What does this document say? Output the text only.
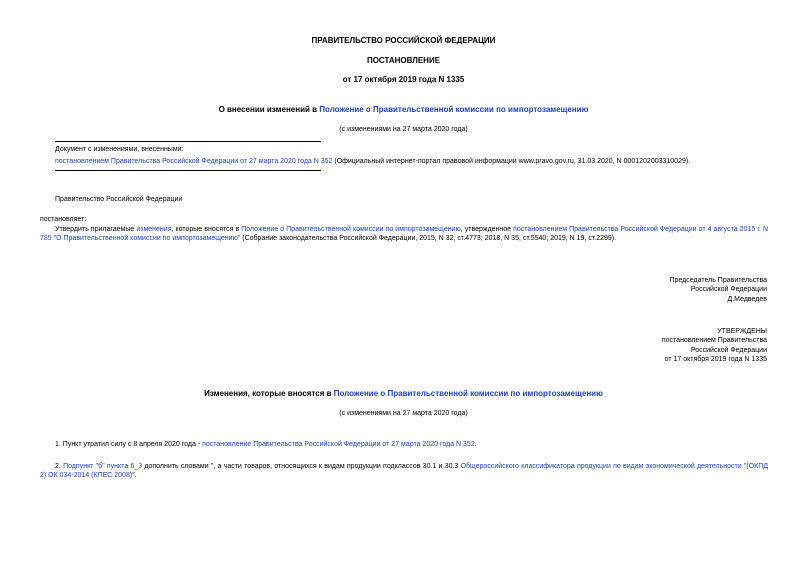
ПРАВИТЕЛЬСТВО РОССИЙСКОЙ ФЕДЕРАЦИИ
ПОСТАНОВЛЕНИЕ
от 17 октября 2019 года N 1335
О внесении изменений в Положение о Правительственной комиссии по импортозамещению
(с изменениями на 27 марта 2020 года)
Документ с изменениями, внесенными:
постановлением Правительства Российской Федерации от 27 марта 2020 года N 352 (Официальный интернет-портал правовой информации www.pravo.gov.ru, 31.03.2020, N 0001202003310029).
Правительство Российской Федерации
постановляет:
Утвердить прилагаемые изменения, которые вносятся в Положение о Правительственной комиссии по импортозамещению, утвержденное постановлением Правительства Российской Федерации от 4 августа 2015 г. N 785 "О Правительственной комиссии по импортозамещению" (Собрание законодательства Российской Федерации, 2015, N 32, ст.4773; 2018, N 35, ст.5540; 2019, N 19, ст.2299).
Председатель Правительства
Российской Федерации
Д.Медведев
УТВЕРЖДЕНЫ
постановлением Правительства
Российской Федерации
от 17 октября 2019 года N 1335
Изменения, которые вносятся в Положение о Правительственной комиссии по импортозамещению
(с изменениями на 27 марта 2020 года)
1. Пункт утратил силу с 8 апреля 2020 года - постановление Правительства Российской Федерации от 27 марта 2020 года N 352.
2. Подпункт "б" пункта 6_3 дополнить словами ", а части товаров, относящихся к видам продукции подклассов 30.1 и 30.3 Общероссийского классификатора продукции по видам экономической деятельности "(ОКПД 2) ОК 034-2014 (КПЕС 2008)".
